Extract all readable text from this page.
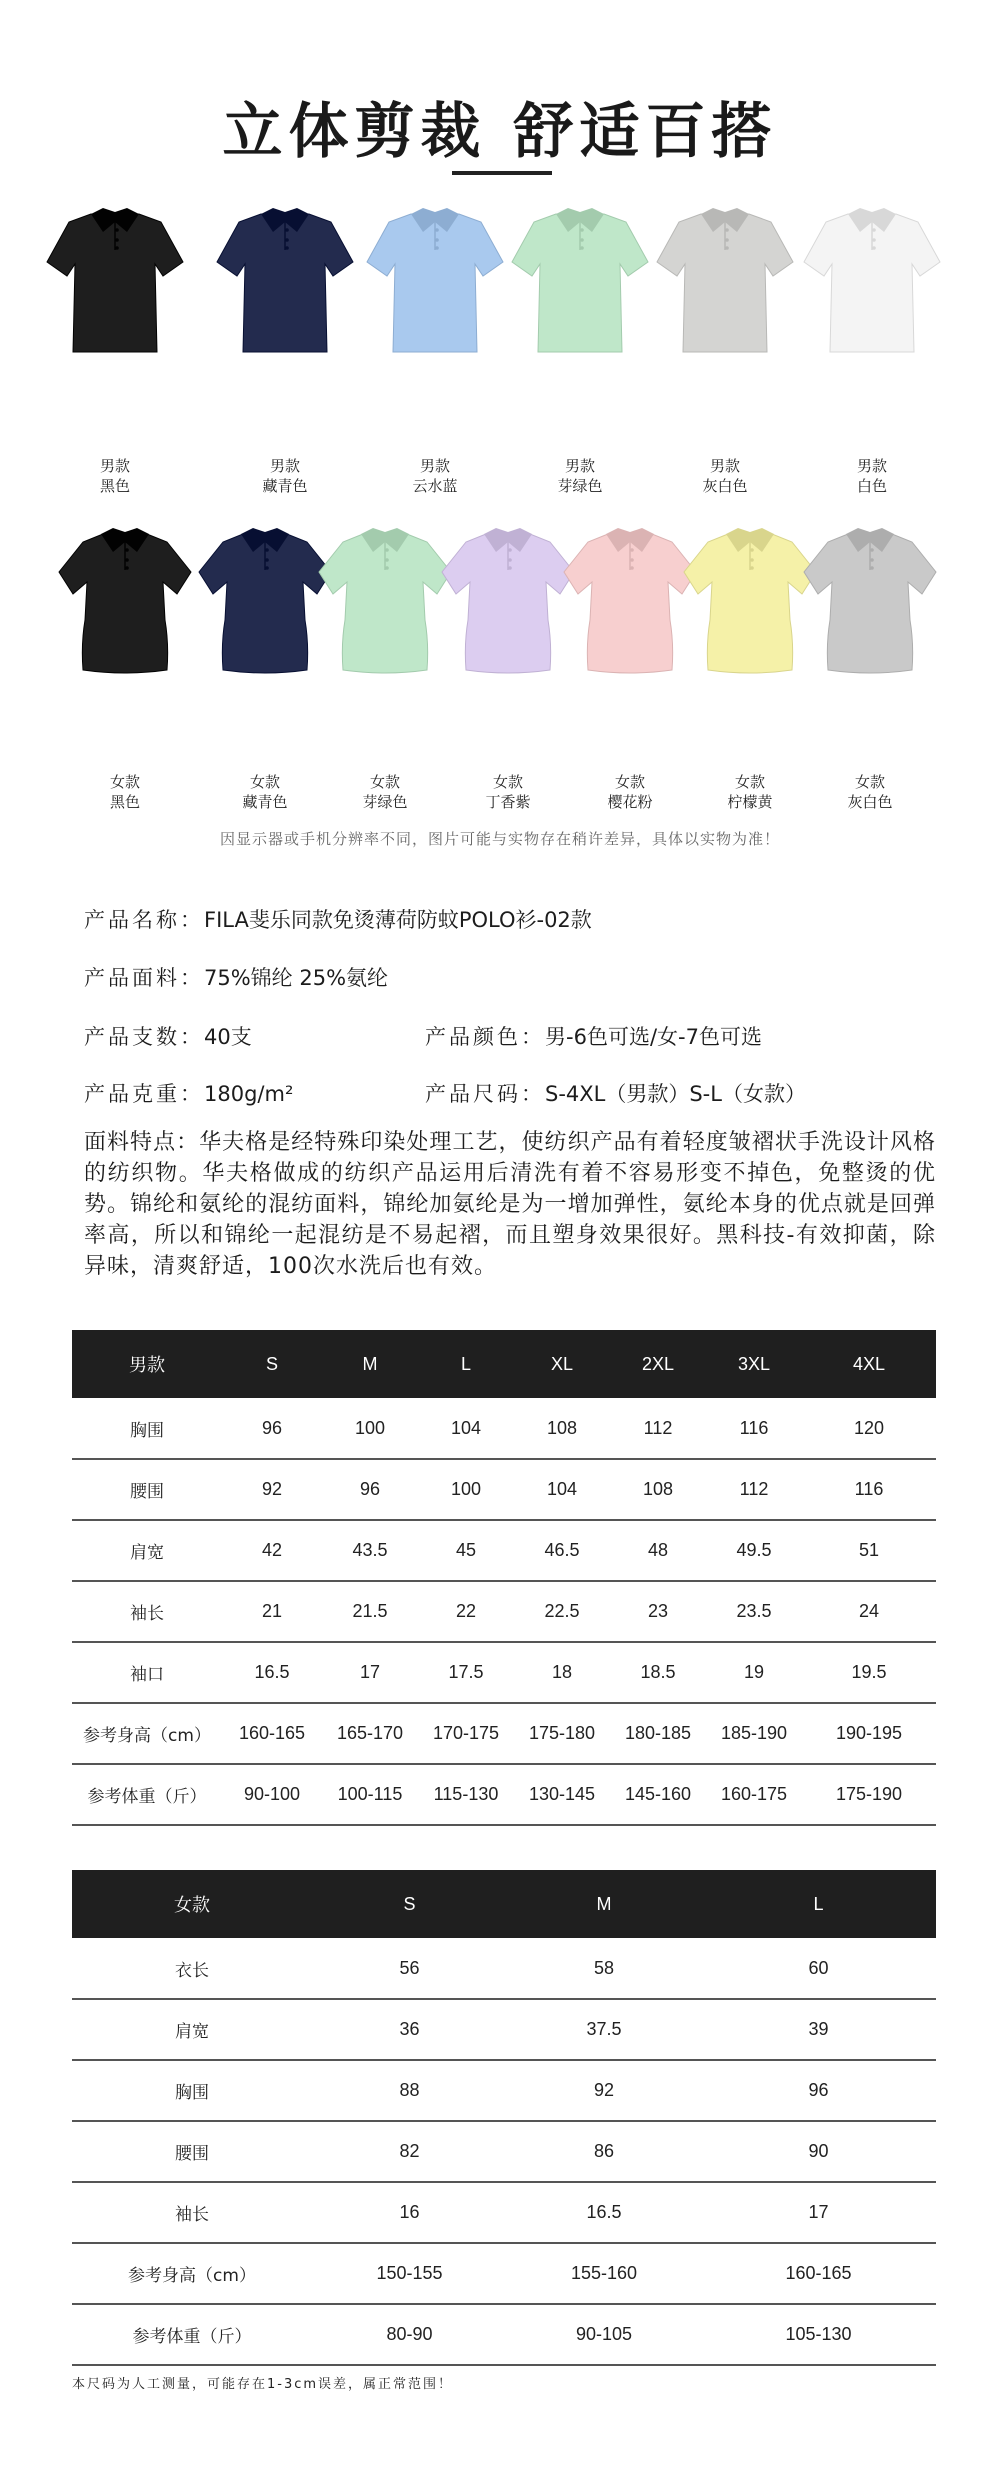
立体剪裁 舒适百搭
男款
黑色
男款
藏青色
男款
云水蓝
男款
芽绿色
男款
灰白色
男款
白色
女款
黑色
女款
藏青色
女款
芽绿色
女款
丁香紫
女款
樱花粉
女款
柠檬黄
女款
灰白色
因显示器或手机分辨率不同，图片可能与实物存在稍许差异，具体以实物为准！
产品名称：FILA斐乐同款免烫薄荷防蚊POLO衫-02款
产品面料：75%锦纶 25%氨纶
产品支数：40支	产品颜色：男-6色可选/女-7色可选
产品克重：180g/m²	产品尺码：S-4XL（男款）S-L（女款）
面料特点：华夫格是经特殊印染处理工艺，使纺织产品有着轻度皱褶状手洗设计风格的纺织物。华夫格做成的纺织产品运用后清洗有着不容易形变不掉色，免整烫的优势。锦纶和氨纶的混纺面料，锦纶加氨纶是为一增加弹性，氨纶本身的优点就是回弹率高，所以和锦纶一起混纺是不易起褶，而且塑身效果很好。黑科技-有效抑菌，除异味，清爽舒适，100次水洗后也有效。
男款	S	M	L	XL	2XL	3XL	4XL
胸围	96	100	104	108	112	116	120
腰围	92	96	100	104	108	112	116
肩宽	42	43.5	45	46.5	48	49.5	51
袖长	21	21.5	22	22.5	23	23.5	24
袖口	16.5	17	17.5	18	18.5	19	19.5
参考身高（cm）	160-165	165-170	170-175	175-180	180-185	185-190	190-195
参考体重（斤）	90-100	100-115	115-130	130-145	145-160	160-175	175-190
女款	S	M	L
衣长	56	58	60
肩宽	36	37.5	39
胸围	88	92	96
腰围	82	86	90
袖长	16	16.5	17
参考身高（cm）	150-155	155-160	160-165
参考体重（斤）	80-90	90-105	105-130
本尺码为人工测量，可能存在1-3cm误差，属正常范围！
